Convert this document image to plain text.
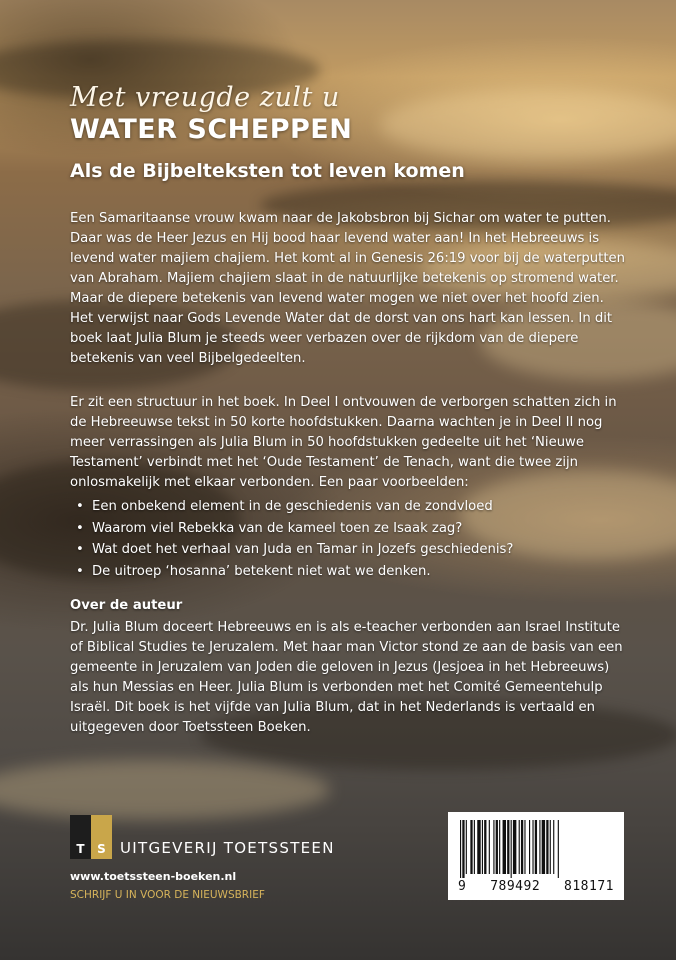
Met vreugde zult u
WATER SCHEPPEN
Als de Bijbelteksten tot leven komen

Een Samaritaanse vrouw kwam naar de Jakobsbron bij Sichar om water te putten. Daar was de Heer Jezus en Hij bood haar levend water aan! In het Hebreeuws is levend water majiem chajiem. Het komt al in Genesis 26:19 voor bij de waterputten van Abraham. Majiem chajiem slaat in de natuurlijke betekenis op stromend water. Maar de diepere betekenis van levend water mogen we niet over het hoofd zien. Het verwijst naar Gods Levende Water dat de dorst van ons hart kan lessen. In dit boek laat Julia Blum je steeds weer verbazen over de rijkdom van de diepere betekenis van veel Bijbelgedeelten.

Er zit een structuur in het boek. In Deel I ontvouwen de verborgen schatten zich in de Hebreeuwse tekst in 50 korte hoofdstukken. Daarna wachten je in Deel II nog meer verrassingen als Julia Blum in 50 hoofdstukken gedeelte uit het ‘Nieuwe Testament’ verbindt met het ‘Oude Testament’ de Tenach, want die twee zijn onlosmakelijk met elkaar verbonden. Een paar voorbeelden:

• Een onbekend element in de geschiedenis van de zondvloed
• Waarom viel Rebekka van de kameel toen ze Isaak zag?
• Wat doet het verhaal van Juda en Tamar in Jozefs geschiedenis?
• De uitroep ‘hosanna’ betekent niet wat we denken.
Over de auteur

Dr. Julia Blum doceert Hebreeuws en is als e-teacher verbonden aan Israel Institute of Biblical Studies te Jeruzalem. Met haar man Victor stond ze aan de basis van een gemeente in Jeruzalem van Joden die geloven in Jezus (Jesjoea in het Hebreeuws) als hun Messias en Heer. Julia Blum is verbonden met het Comité Gemeentehulp Israël. Dit boek is het vijfde van Julia Blum, dat in het Nederlands is vertaald en uitgegeven door Toetssteen Boeken.

T	S UITGEVERIJ TOETSSTEEN
www.toetssteen-boeken.nl
SCHRIJF U IN VOOR DE NIEUWSBRIEF
9 789492 818171
